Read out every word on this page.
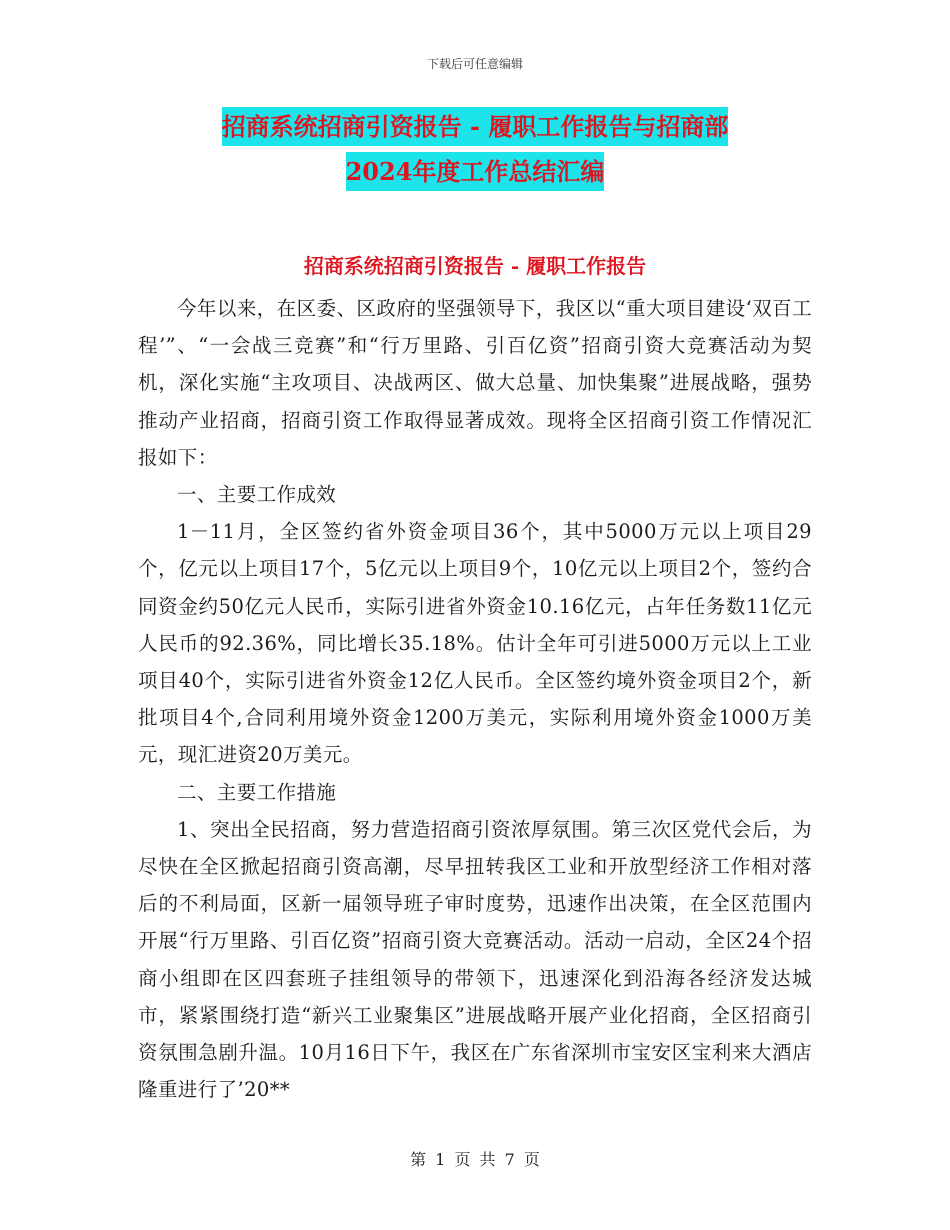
下载后可任意编辑
招商系统招商引资报告 - 履职工作报告与招商部
2024年度工作总结汇编
招商系统招商引资报告 - 履职工作报告

今年以来，在区委、区政府的坚强领导下，我区以“重大项目建设‘双百工程’”、“一会战三竞赛”和“行万里路、引百亿资”招商引资大竞赛活动为契机，深化实施“主攻项目、决战两区、做大总量、加快集聚”进展战略，强势推动产业招商，招商引资工作取得显著成效。现将全区招商引资工作情况汇报如下：

一、主要工作成效

1－11月，全区签约省外资金项目36个，其中5000万元以上项目29个，亿元以上项目17个，5亿元以上项目9个，10亿元以上项目2个，签约合同资金约50亿元人民币，实际引进省外资金10.16亿元，占年任务数11亿元人民币的92.36%，同比增长35.18%。估计全年可引进5000万元以上工业项目40个，实际引进省外资金12亿人民币。全区签约境外资金项目2个，新批项目4个,合同利用境外资金1200万美元，实际利用境外资金1000万美元，现汇进资20万美元。

二、主要工作措施

1、突出全民招商，努力营造招商引资浓厚氛围。第三次区党代会后，为尽快在全区掀起招商引资高潮，尽早扭转我区工业和开放型经济工作相对落后的不利局面，区新一届领导班子审时度势，迅速作出决策，在全区范围内开展“行万里路、引百亿资”招商引资大竞赛活动。活动一启动，全区24个招商小组即在区四套班子挂组领导的带领下，迅速深化到沿海各经济发达城市，紧紧围绕打造“新兴工业聚集区”进展战略开展产业化招商，全区招商引资氛围急剧升温。10月16日下午，我区在广东省深圳市宝安区宝利来大酒店隆重进行了’20**

第 1 页 共 7 页
